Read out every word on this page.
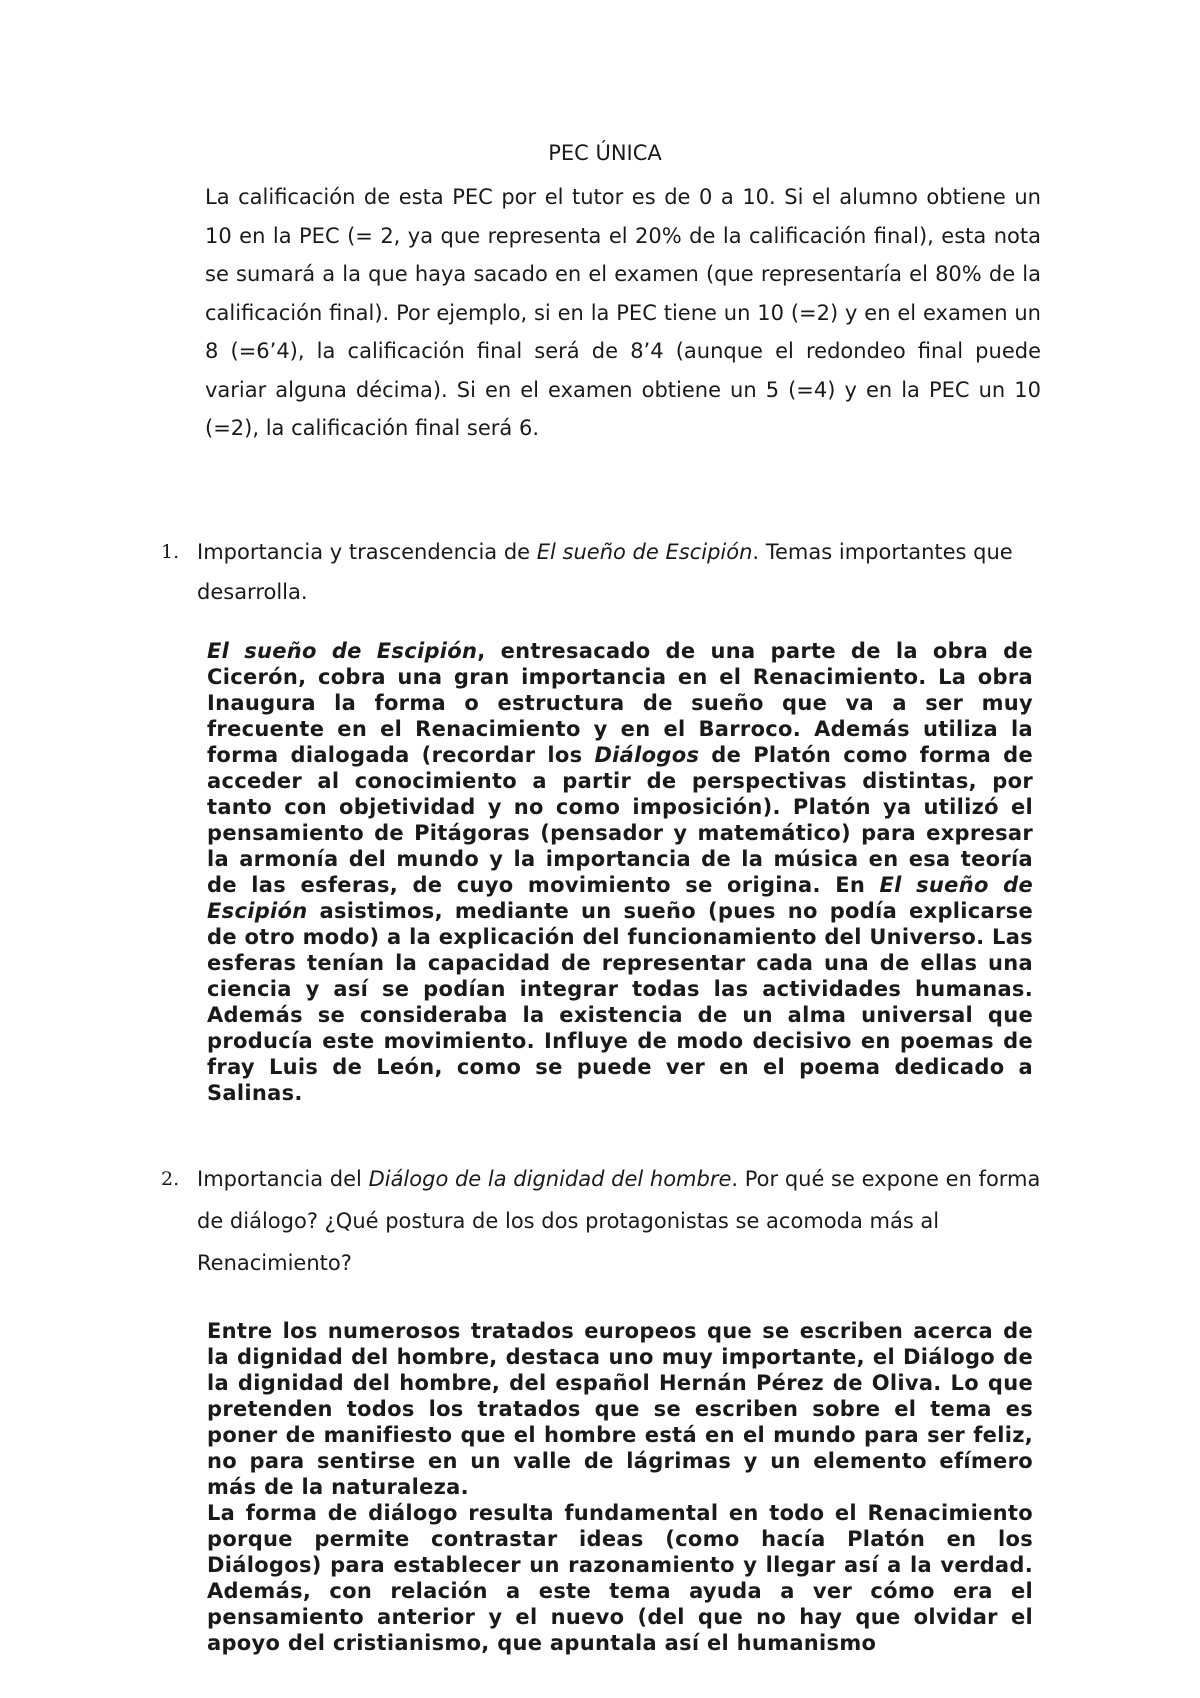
PEC ÚNICA
La calificación de esta PEC por el tutor es de 0 a 10. Si el alumno obtiene un 10 en la PEC (= 2, ya que representa el 20% de la calificación final), esta nota se sumará a la que haya sacado en el examen (que representaría el 80% de la calificación final). Por ejemplo, si en la PEC tiene un 10 (=2) y en el examen un 8 (=6’4), la calificación final será de 8’4 (aunque el redondeo final puede variar alguna décima). Si en el examen obtiene un 5 (=4) y en la PEC un 10 (=2), la calificación final será 6.
1. Importancia y trascendencia de El sueño de Escipión. Temas importantes que desarrolla.

El sueño de Escipión, entresacado de una parte de la obra de Cicerón, cobra una gran importancia en el Renacimiento. La obra Inaugura la forma o estructura de sueño que va a ser muy frecuente en el Renacimiento y en el Barroco. Además utiliza la forma dialogada (recordar los Diálogos de Platón como forma de acceder al conocimiento a partir de perspectivas distintas, por tanto con objetividad y no como imposición). Platón ya utilizó el pensamiento de Pitágoras (pensador y matemático) para expresar la armonía del mundo y la importancia de la música en esa teoría de las esferas, de cuyo movimiento se origina. En El sueño de Escipión asistimos, mediante un sueño (pues no podía explicarse de otro modo) a la explicación del funcionamiento del Universo. Las esferas tenían la capacidad de representar cada una de ellas una ciencia y así se podían integrar todas las actividades humanas. Además se consideraba la existencia de un alma universal que producía este movimiento. Influye de modo decisivo en poemas de fray Luis de León, como se puede ver en el poema dedicado a Salinas.

2. Importancia del Diálogo de la dignidad del hombre. Por qué se expone en forma de diálogo? ¿Qué postura de los dos protagonistas se acomoda más al Renacimiento?

Entre los numerosos tratados europeos que se escriben acerca de la dignidad del hombre, destaca uno muy importante, el Diálogo de la dignidad del hombre, del español Hernán Pérez de Oliva. Lo que pretenden todos los tratados que se escriben sobre el tema es poner de manifiesto que el hombre está en el mundo para ser feliz, no para sentirse en un valle de lágrimas y un elemento efímero más de la naturaleza.

La forma de diálogo resulta fundamental en todo el Renacimiento porque permite contrastar ideas (como hacía Platón en los Diálogos) para establecer un razonamiento y llegar así a la verdad. Además, con relación a este tema ayuda a ver cómo era el pensamiento anterior y el nuevo (del que no hay que olvidar el apoyo del cristianismo, que apuntala así el humanismo
